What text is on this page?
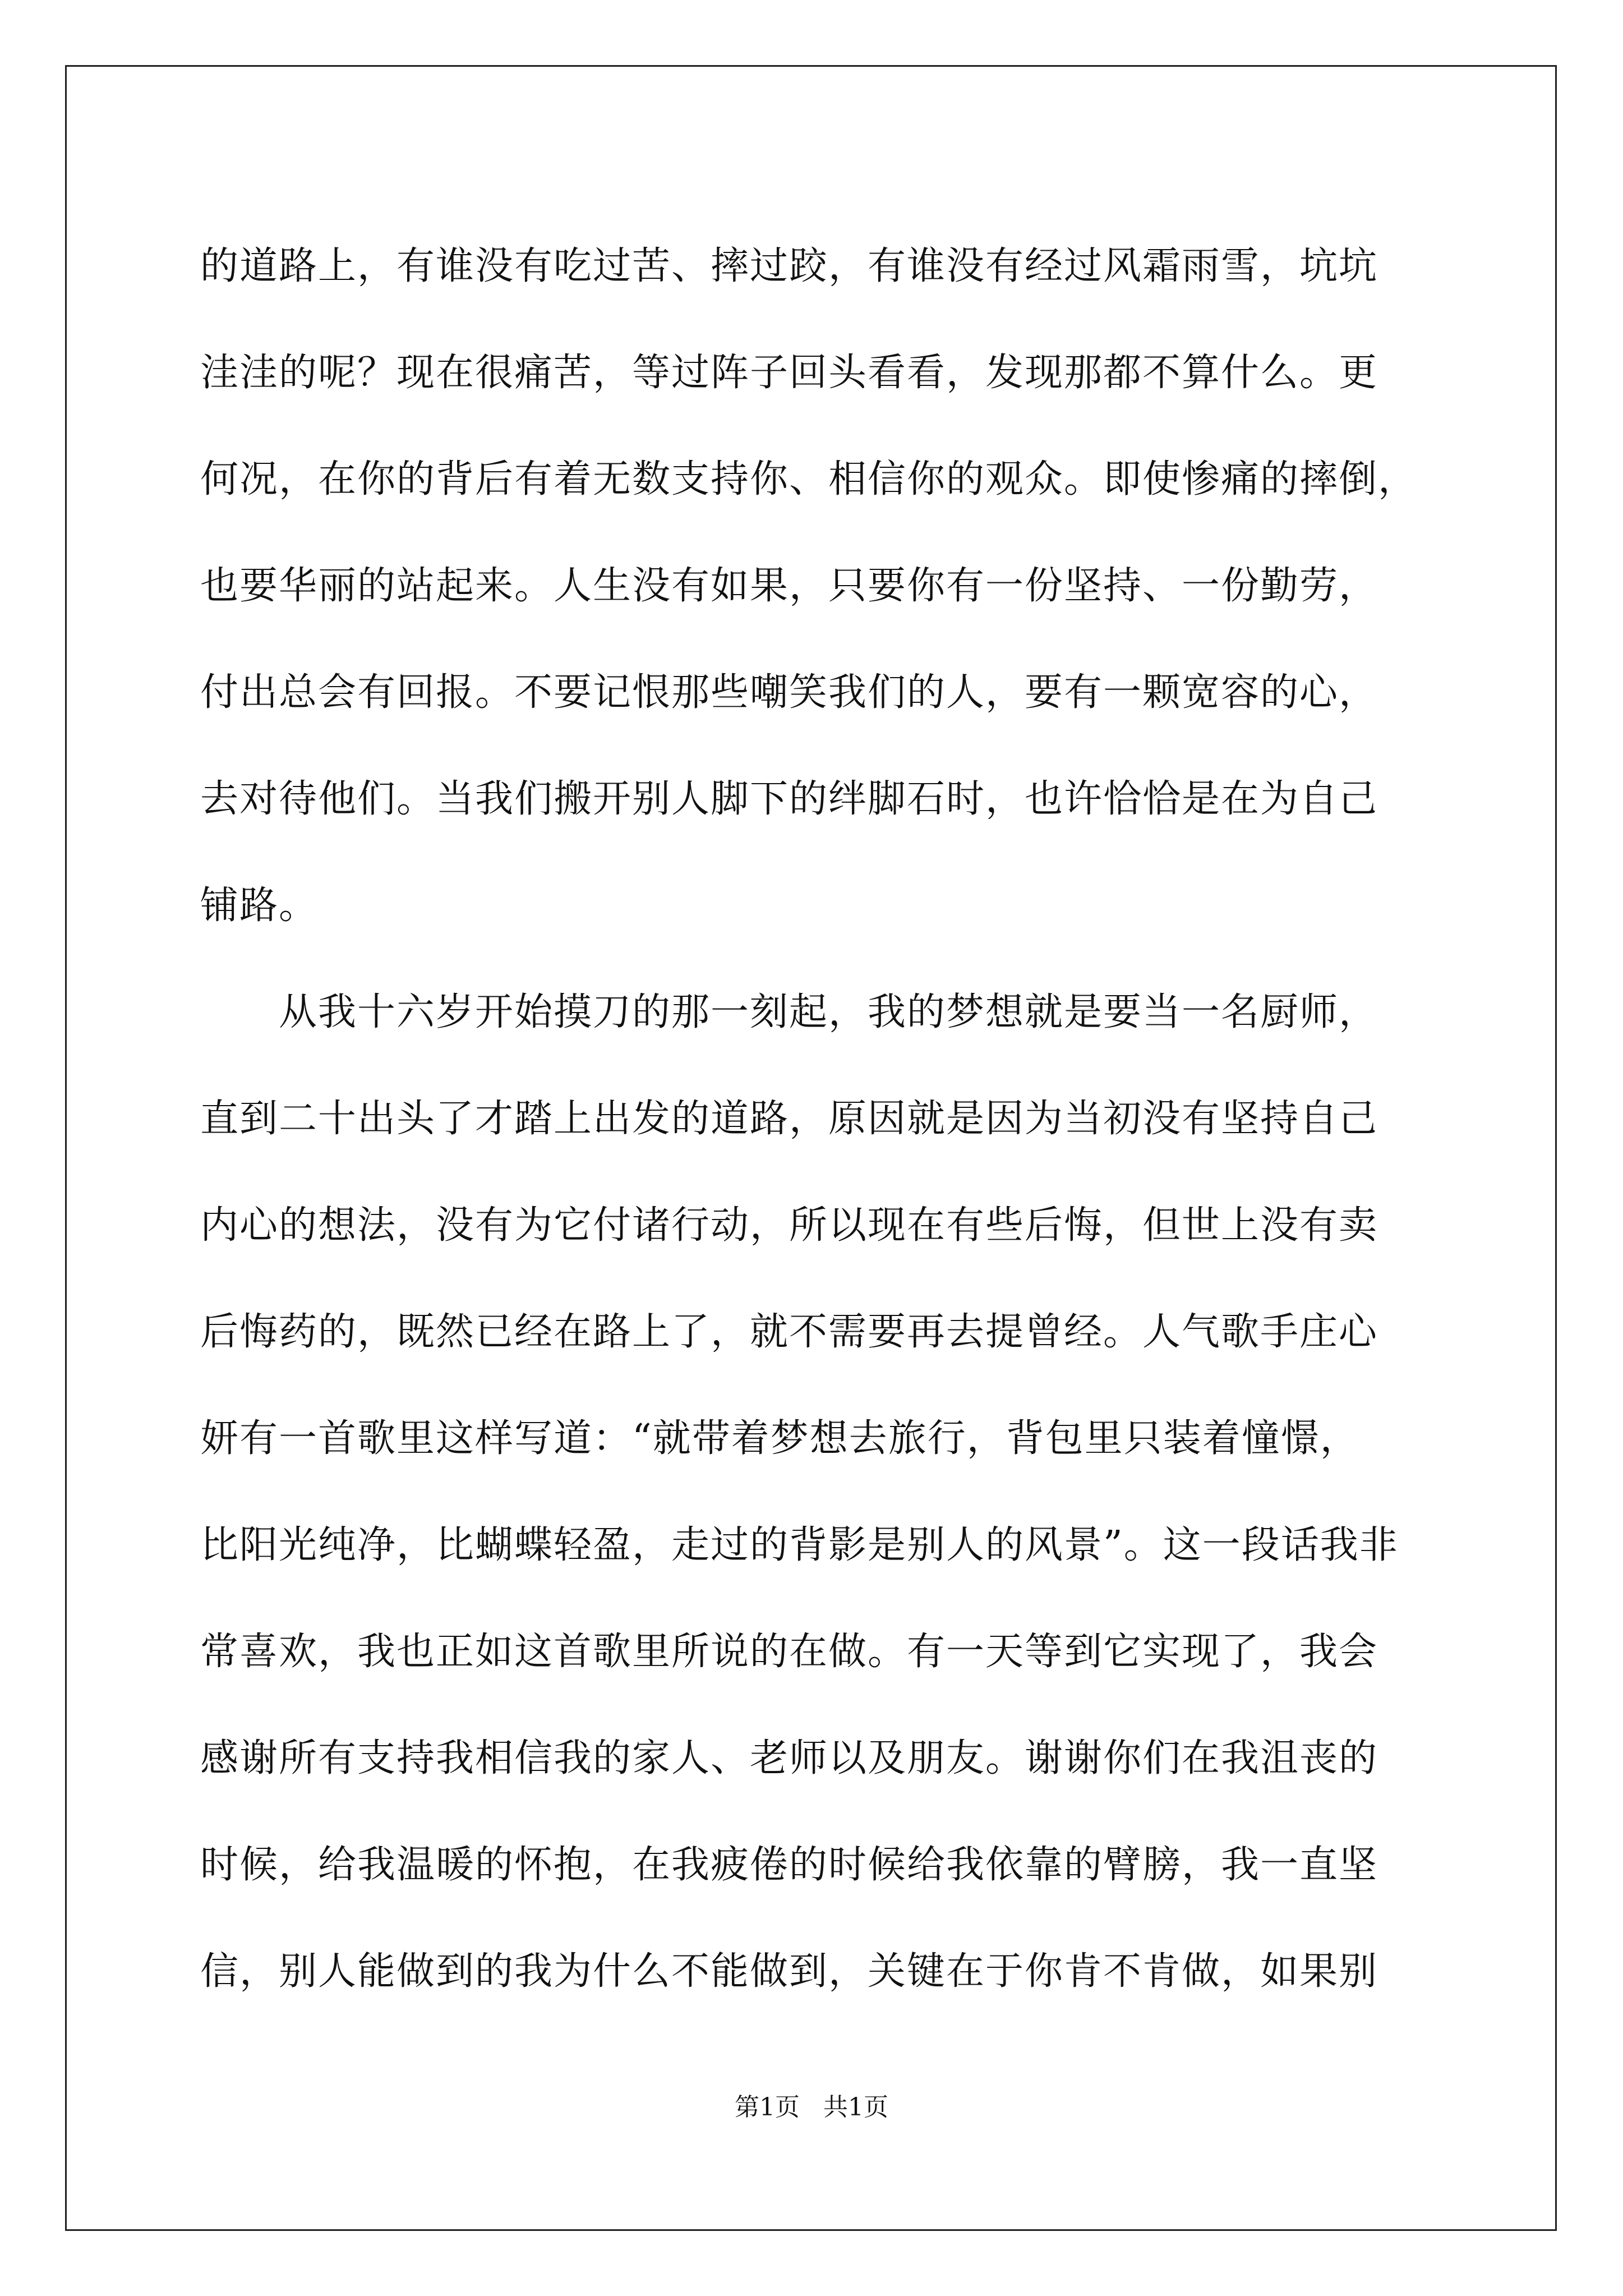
的道路上，有谁没有吃过苦、摔过跤，有谁没有经过风霜雨雪，坑坑
洼洼的呢？现在很痛苦，等过阵子回头看看，发现那都不算什么。更
何况，在你的背后有着无数支持你、相信你的观众。即使惨痛的摔倒，
也要华丽的站起来。人生没有如果，只要你有一份坚持、一份勤劳，
付出总会有回报。不要记恨那些嘲笑我们的人，要有一颗宽容的心，
去对待他们。当我们搬开别人脚下的绊脚石时，也许恰恰是在为自己
铺路。
从我十六岁开始摸刀的那一刻起，我的梦想就是要当一名厨师，
直到二十出头了才踏上出发的道路，原因就是因为当初没有坚持自己
内心的想法，没有为它付诸行动，所以现在有些后悔，但世上没有卖
后悔药的，既然已经在路上了，就不需要再去提曾经。人气歌手庄心
妍有一首歌里这样写道：“就带着梦想去旅行，背包里只装着憧憬，
比阳光纯净，比蝴蝶轻盈，走过的背影是别人的风景”。这一段话我非
常喜欢，我也正如这首歌里所说的在做。有一天等到它实现了，我会
感谢所有支持我相信我的家人、老师以及朋友。谢谢你们在我沮丧的
时候，给我温暖的怀抱，在我疲倦的时候给我依靠的臂膀，我一直坚
信，别人能做到的我为什么不能做到，关键在于你肯不肯做，如果别
第1页 共1页
